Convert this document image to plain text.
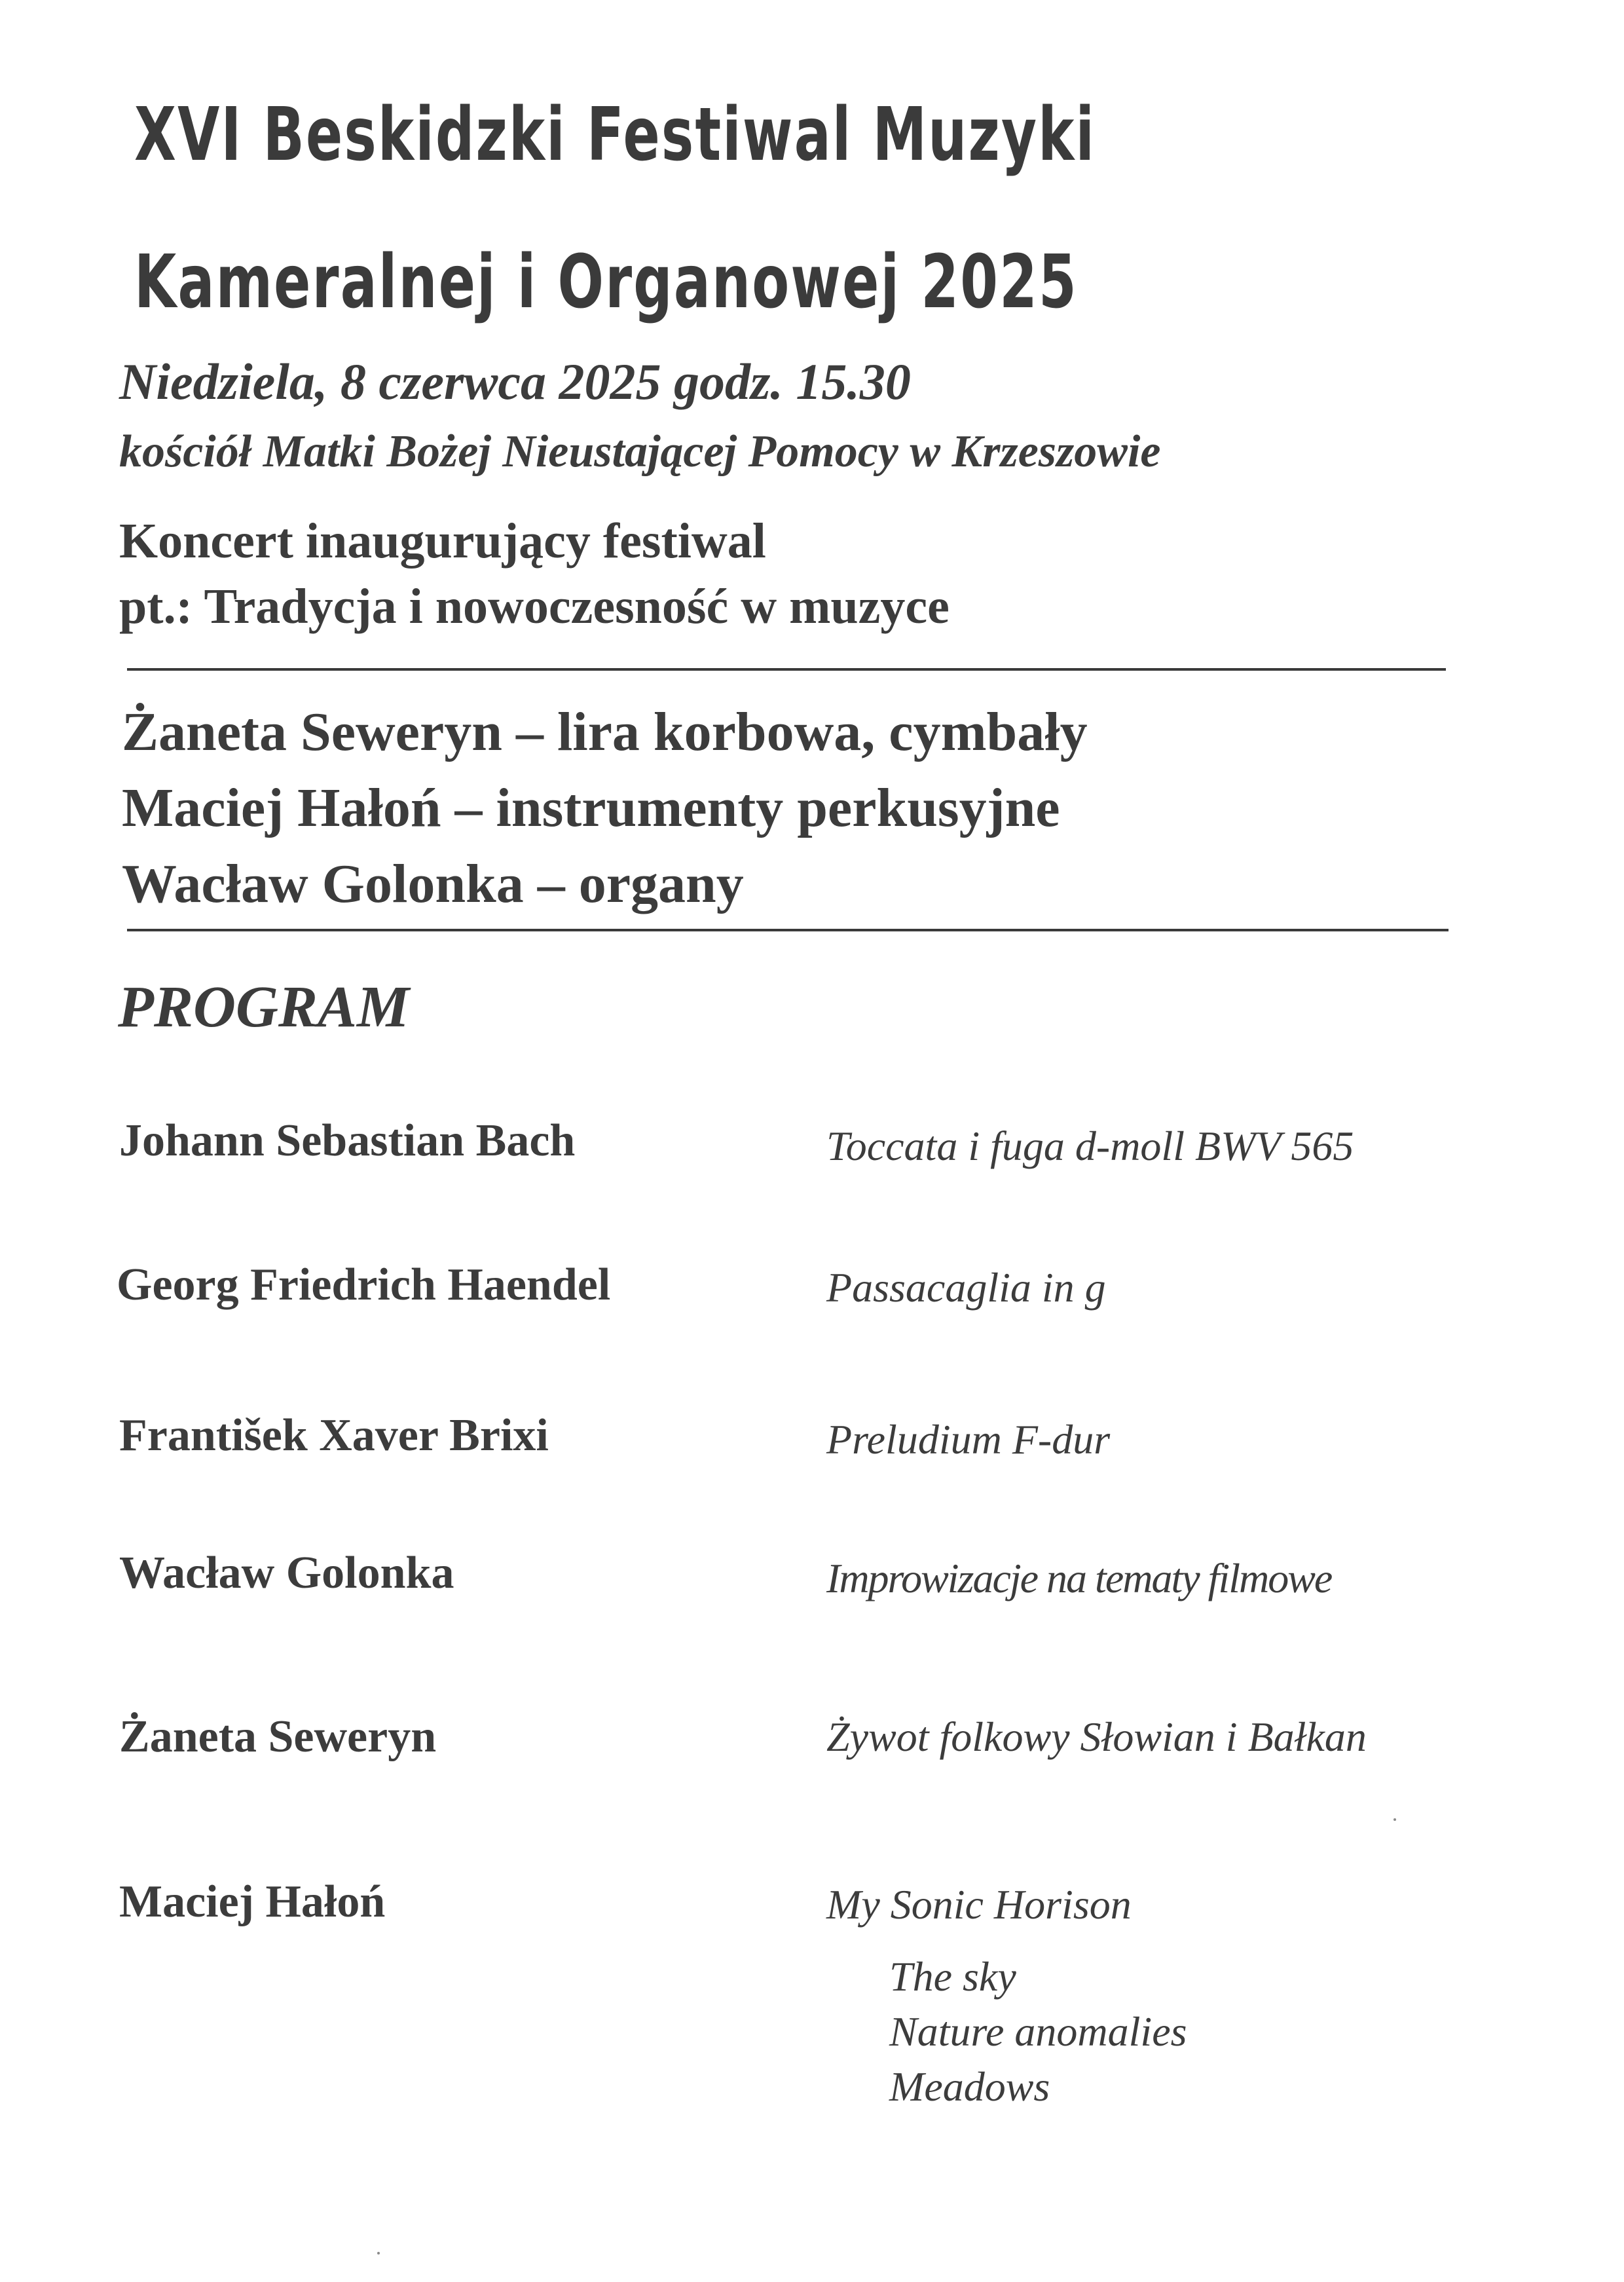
XVI Beskidzki Festiwal Muzyki
Kameralnej i Organowej 2025
Niedziela, 8 czerwca 2025 godz. 15.30
kościół Matki Bożej Nieustającej Pomocy w Krzeszowie
Koncert inaugurujący festiwal
pt.: Tradycja i nowoczesność w muzyce
Żaneta Seweryn – lira korbowa, cymbały
Maciej Hałoń – instrumenty perkusyjne
Wacław Golonka – organy
PROGRAM
Johann Sebastian Bach	Toccata i fuga d-moll BWV 565
Georg Friedrich Haendel	Passacaglia in g
František Xaver Brixi	Preludium F-dur
Wacław Golonka	Improwizacje na tematy filmowe
Żaneta Seweryn	Żywot folkowy Słowian i Bałkan
Maciej Hałoń	My Sonic Horison
The sky
Nature anomalies
Meadows
